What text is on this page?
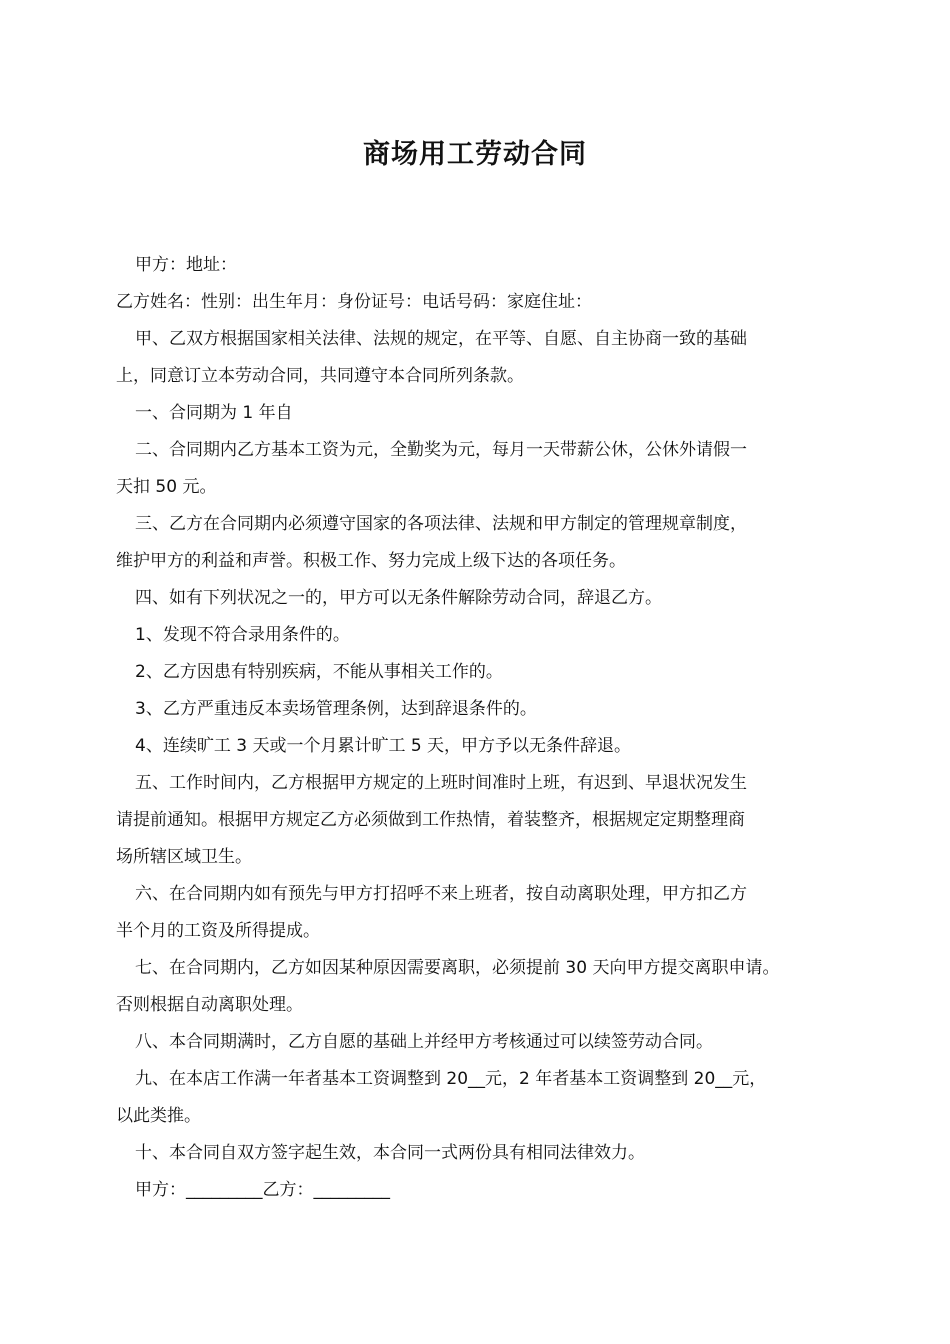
商场用工劳动合同

甲方：地址：

乙方姓名：性别：出生年月：身份证号：电话号码：家庭住址：

甲、乙双方根据国家相关法律、法规的规定，在平等、自愿、自主协商一致的基础

上，同意订立本劳动合同，共同遵守本合同所列条款。

一、合同期为 1 年自

二、合同期内乙方基本工资为元，全勤奖为元，每月一天带薪公休，公休外请假一

天扣 50 元。

三、乙方在合同期内必须遵守国家的各项法律、法规和甲方制定的管理规章制度，

维护甲方的利益和声誉。积极工作、努力完成上级下达的各项任务。

四、如有下列状况之一的，甲方可以无条件解除劳动合同，辞退乙方。

1、发现不符合录用条件的。

2、乙方因患有特别疾病，不能从事相关工作的。

3、乙方严重违反本卖场管理条例，达到辞退条件的。

4、连续旷工 3 天或一个月累计旷工 5 天，甲方予以无条件辞退。

五、工作时间内，乙方根据甲方规定的上班时间准时上班，有迟到、早退状况发生

请提前通知。根据甲方规定乙方必须做到工作热情，着装整齐，根据规定定期整理商

场所辖区域卫生。

六、在合同期内如有预先与甲方打招呼不来上班者，按自动离职处理，甲方扣乙方

半个月的工资及所得提成。

七、在合同期内，乙方如因某种原因需要离职，必须提前 30 天向甲方提交离职申请。

否则根据自动离职处理。

八、本合同期满时，乙方自愿的基础上并经甲方考核通过可以续签劳动合同。

九、在本店工作满一年者基本工资调整到 20__元，2 年者基本工资调整到 20__元，

以此类推。

十、本合同自双方签字起生效，本合同一式两份具有相同法律效力。

甲方：_________乙方：_________
